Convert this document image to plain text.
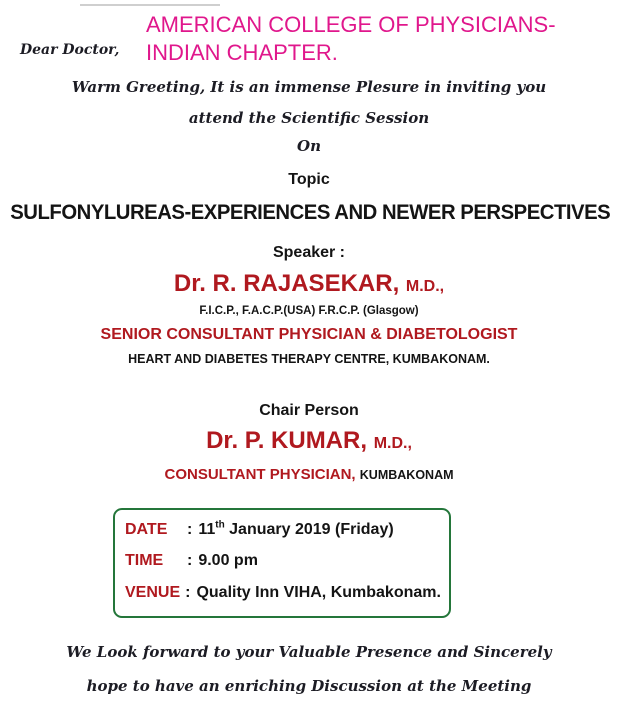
AMERICAN COLLEGE OF PHYSICIANS-
INDIAN CHAPTER.
Dear Doctor,
Warm Greeting, It is an immense Plesure in inviting you
attend the Scientific Session
On
Topic
SULFONYLUREAS-EXPERIENCES AND NEWER PERSPECTIVES
Speaker :
Dr. R. RAJASEKAR, M.D.,
F.I.C.P., F.A.C.P.(USA) F.R.C.P. (Glasgow)
SENIOR CONSULTANT PHYSICIAN & DIABETOLOGIST
HEART AND DIABETES THERAPY CENTRE, KUMBAKONAM.
Chair Person
Dr. P. KUMAR, M.D.,
CONSULTANT PHYSICIAN, KUMBAKONAM
DATE : 11th January 2019 (Friday)
TIME : 9.00 pm
VENUE : Quality Inn VIHA, Kumbakonam.
We Look forward to your Valuable Presence and Sincerely
hope to have an enriching Discussion at the Meeting
